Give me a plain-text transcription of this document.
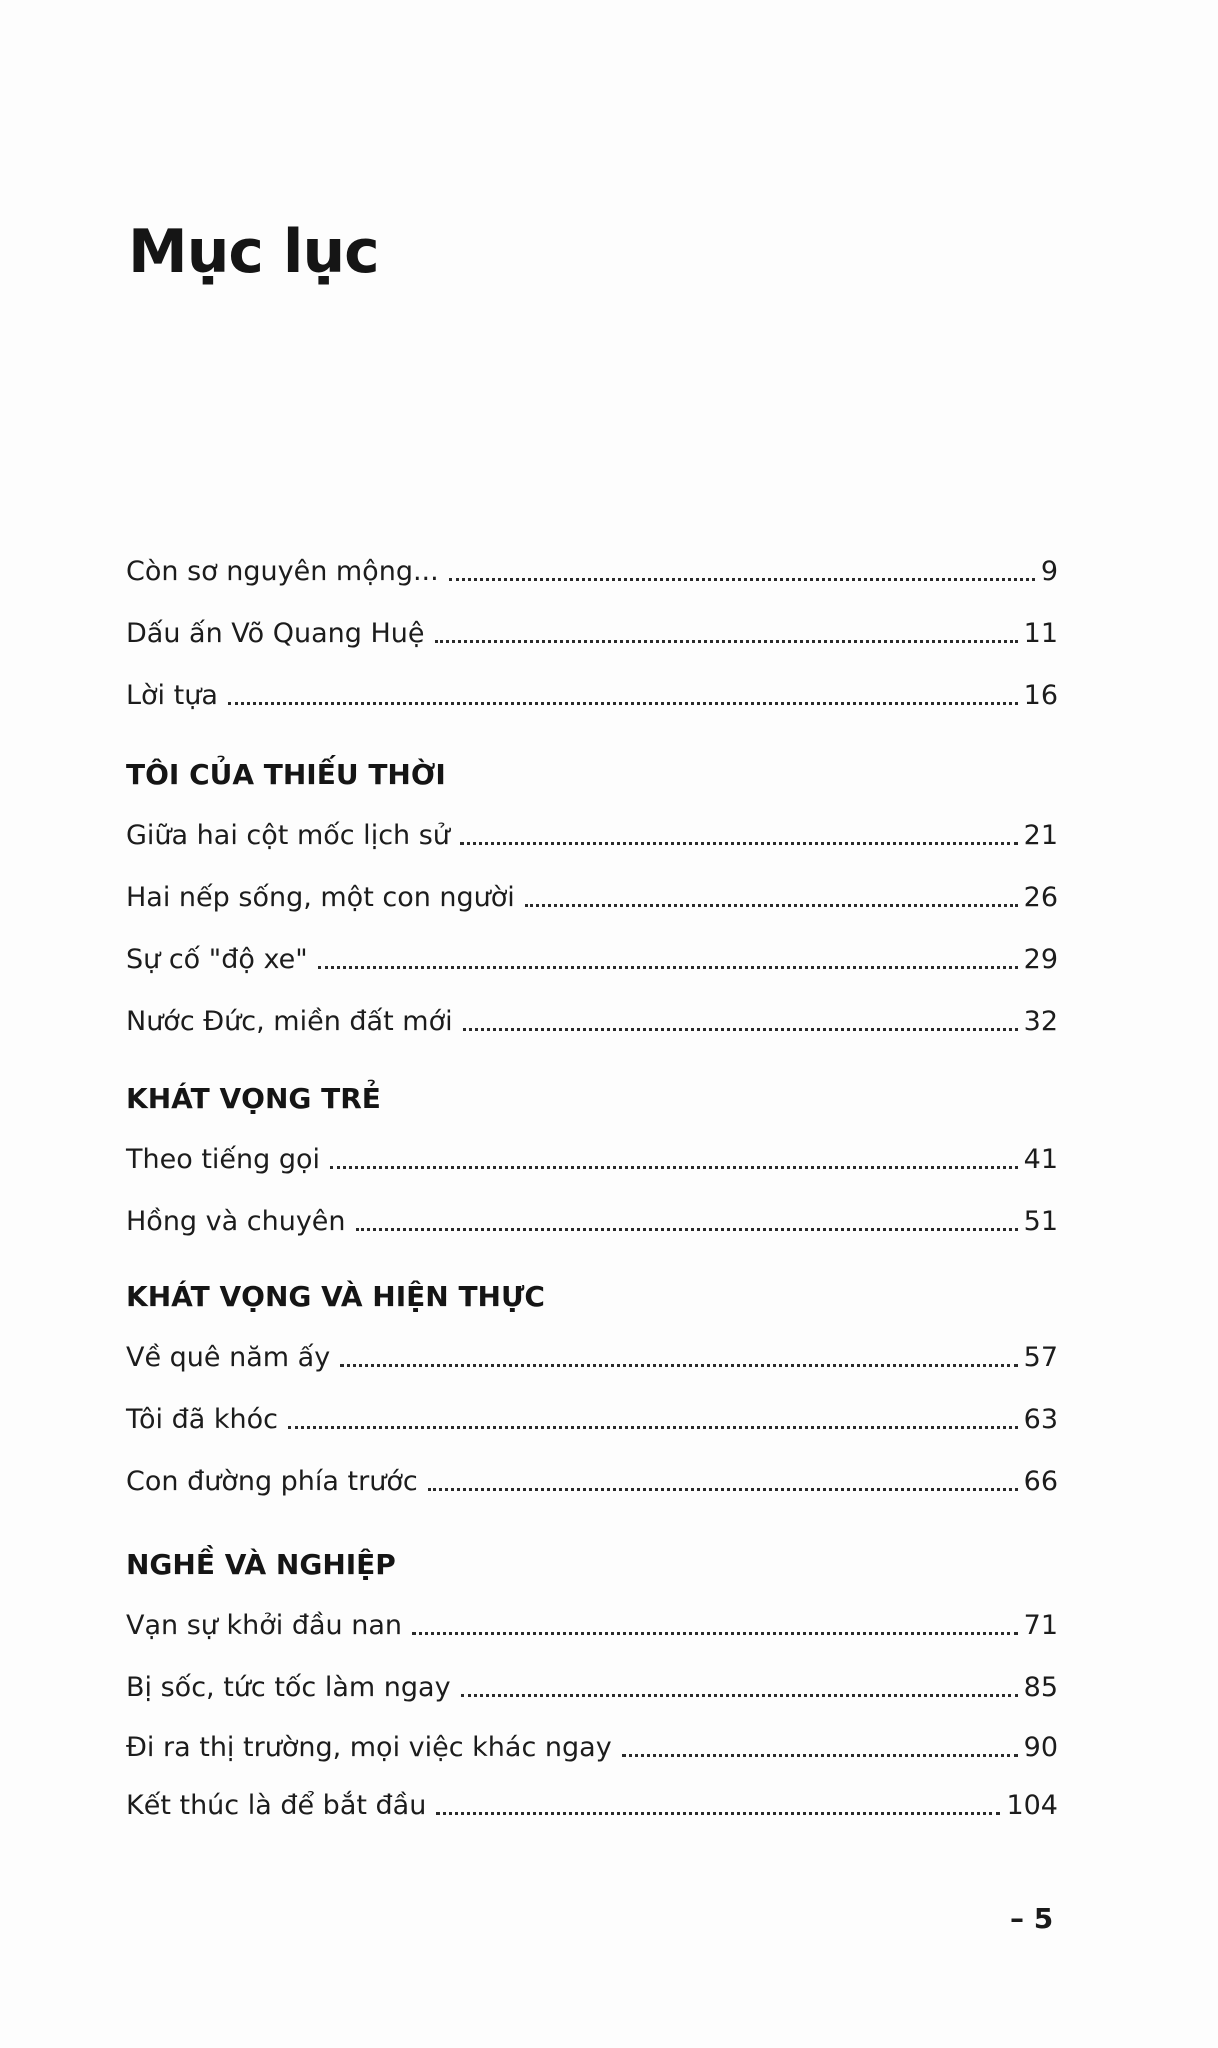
Mục lục
Còn sơ nguyên mộng...	9
Dấu ấn Võ Quang Huệ	11
Lời tựa	16
TÔI CỦA THIẾU THỜI
Giữa hai cột mốc lịch sử	21
Hai nếp sống, một con người	26
Sự cố "độ xe"	29
Nước Đức, miền đất mới	32
KHÁT VỌNG TRẺ
Theo tiếng gọi	41
Hồng và chuyên	51
KHÁT VỌNG VÀ HIỆN THỰC
Về quê năm ấy	57
Tôi đã khóc	63
Con đường phía trước	66
NGHỀ VÀ NGHIỆP
Vạn sự khởi đầu nan	71
Bị sốc, tức tốc làm ngay	85
Đi ra thị trường, mọi việc khác ngay	90
Kết thúc là để bắt đầu	104
– 5
